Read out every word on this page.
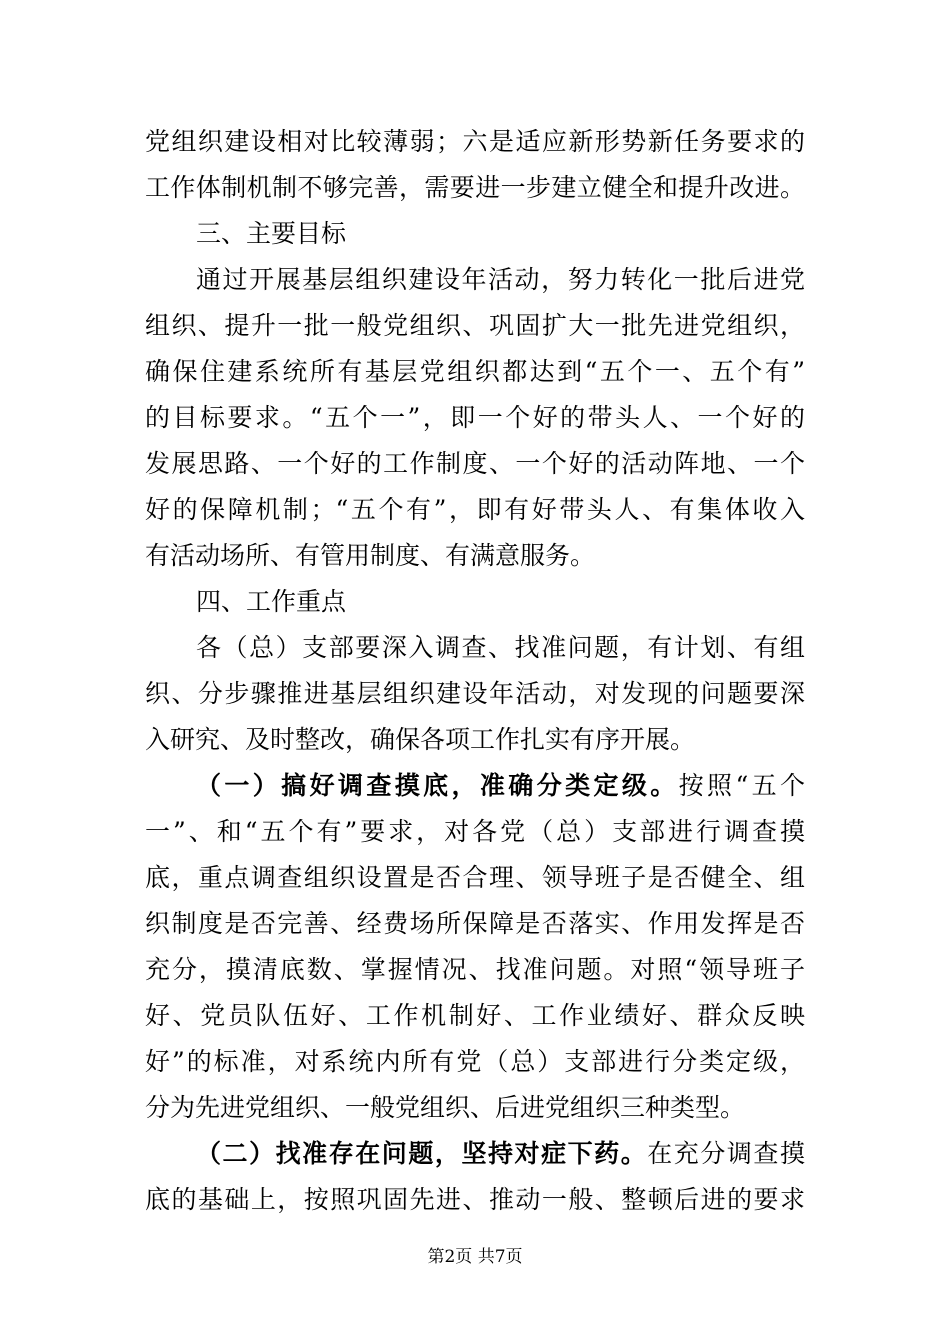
党组织建设相对比较薄弱；六是适应新形势新任务要求的
工作体制机制不够完善，需要进一步建立健全和提升改进。
三、主要目标
通过开展基层组织建设年活动，努力转化一批后进党
组织、提升一批一般党组织、巩固扩大一批先进党组织，
确保住建系统所有基层党组织都达到“五个一、五个有”
的目标要求。“五个一”，即一个好的带头人、一个好的
发展思路、一个好的工作制度、一个好的活动阵地、一个
好的保障机制；“五个有”，即有好带头人、有集体收入
有活动场所、有管用制度、有满意服务。
四、工作重点
各（总）支部要深入调查、找准问题，有计划、有组
织、分步骤推进基层组织建设年活动，对发现的问题要深
入研究、及时整改，确保各项工作扎实有序开展。
（一）搞好调查摸底，准确分类定级。按照“五个
一”、和“五个有”要求，对各党（总）支部进行调查摸
底，重点调查组织设置是否合理、领导班子是否健全、组
织制度是否完善、经费场所保障是否落实、作用发挥是否
充分，摸清底数、掌握情况、找准问题。对照“领导班子
好、党员队伍好、工作机制好、工作业绩好、群众反映
好”的标准，对系统内所有党（总）支部进行分类定级，
分为先进党组织、一般党组织、后进党组织三种类型。
（二）找准存在问题，坚持对症下药。在充分调查摸
底的基础上，按照巩固先进、推动一般、整顿后进的要求
第2页 共7页
